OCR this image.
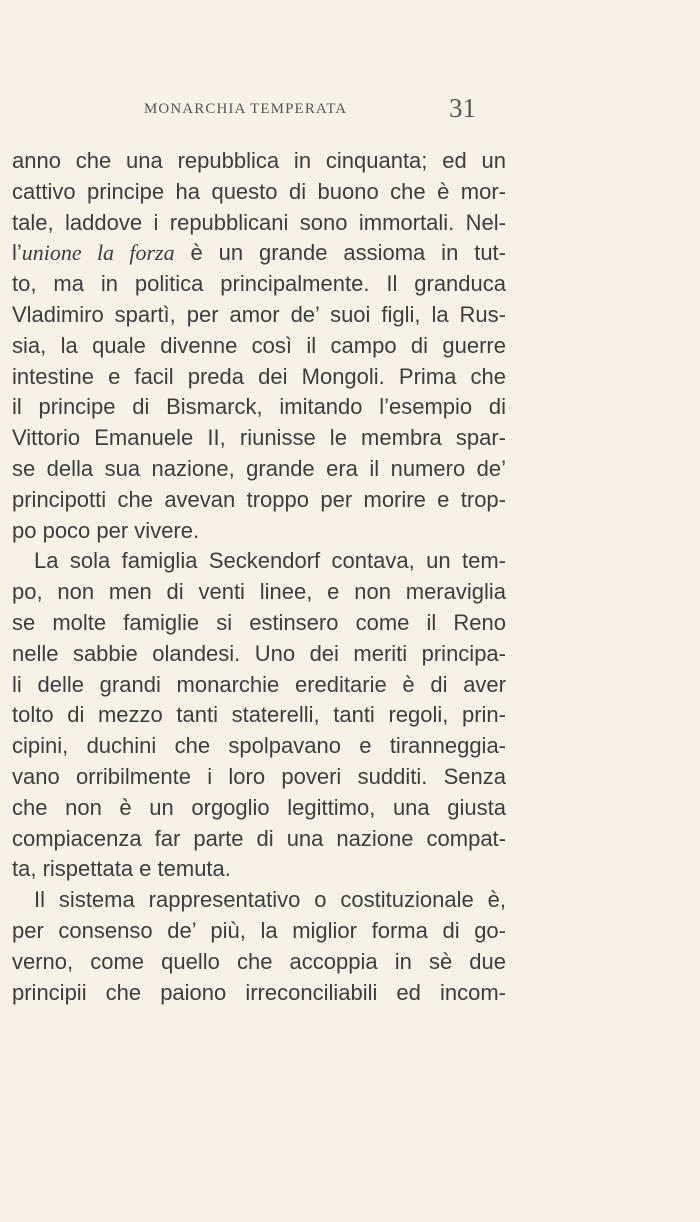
MONARCHIA TEMPERATA	31
anno che una repubblica in cinquanta; ed un
cattivo principe ha questo di buono che è mor-
tale, laddove i repubblicani sono immortali. Nel-
l’unione la forza è un grande assioma in tut-
to, ma in politica principalmente. Il granduca
Vladimiro spartì, per amor de’ suoi figli, la Rus-
sia, la quale divenne così il campo di guerre
intestine e facil preda dei Mongoli. Prima che
il principe di Bismarck, imitando l’esempio di
Vittorio Emanuele II, riunisse le membra spar-
se della sua nazione, grande era il numero de’
principotti che avevan troppo per morire e trop-
po poco per vivere.
La sola famiglia Seckendorf contava, un tem-
po, non men di venti linee, e non meraviglia
se molte famiglie si estinsero come il Reno
nelle sabbie olandesi. Uno dei meriti principa-
li delle grandi monarchie ereditarie è di aver
tolto di mezzo tanti staterelli, tanti regoli, prin-
cipini, duchini che spolpavano e tiranneggia-
vano orribilmente i loro poveri sudditi. Senza
che non è un orgoglio legittimo, una giusta
compiacenza far parte di una nazione compat-
ta, rispettata e temuta.
Il sistema rappresentativo o costituzionale è,
per consenso de’ più, la miglior forma di go-
verno, come quello che accoppia in sè due
principii che paiono irreconciliabili ed incom-
